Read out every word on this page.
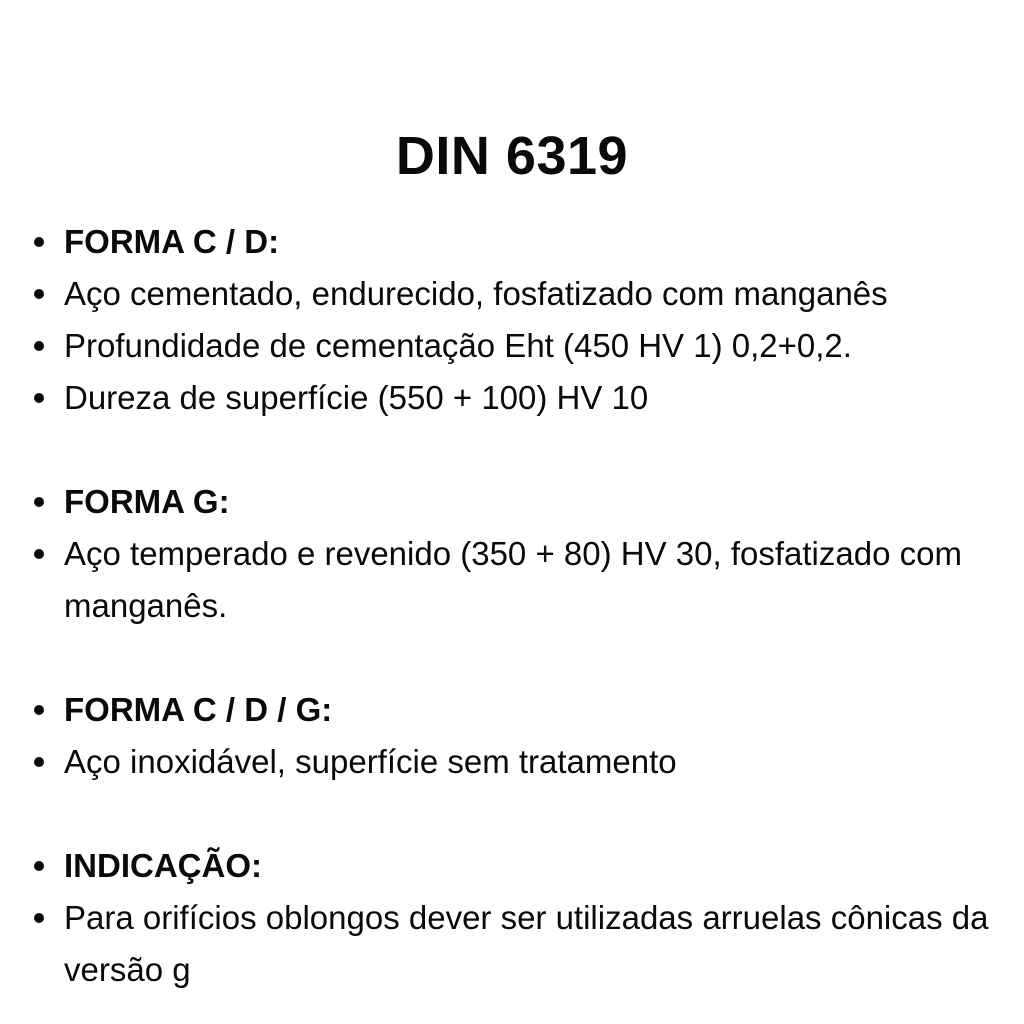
DIN 6319
FORMA C / D:
Aço cementado, endurecido, fosfatizado com manganês
Profundidade de cementação Eht (450 HV 1) 0,2+0,2.
Dureza de superfície (550 + 100) HV 10
FORMA G:
Aço temperado e revenido (350 + 80) HV 30, fosfatizado com manganês.
FORMA C / D / G:
Aço inoxidável, superfície sem tratamento
INDICAÇÃO:
Para orifícios oblongos dever ser utilizadas arruelas cônicas da versão g
